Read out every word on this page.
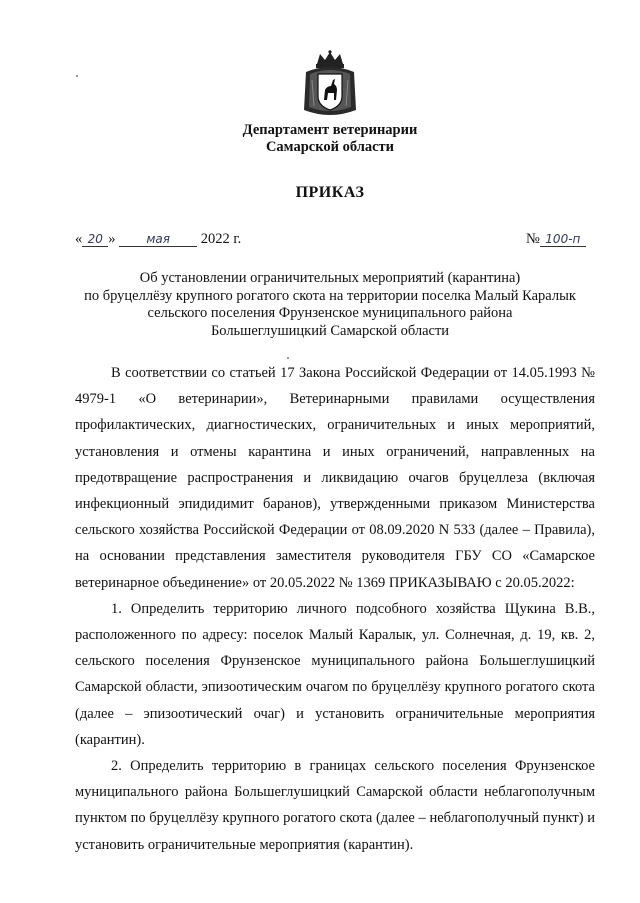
Департамент ветеринарии
Самарской области
ПРИКАЗ
« 20 »	мая 2022 г.	№ 100-п
Об установлении ограничительных мероприятий (карантина)
по бруцеллёзу крупного рогатого скота на территории поселка Малый Каралык
сельского поселения Фрунзенское муниципального района
Большеглушицкий Самарской области

В соответствии со статьей 17 Закона Российской Федерации от 14.05.1993 № 4979-1 «О ветеринарии», Ветеринарными правилами осуществления профилактических, диагностических, ограничительных и иных мероприятий, установления и отмены карантина и иных ограничений, направленных на предотвращение распространения и ликвидацию очагов бруцеллеза (включая инфекционный эпидидимит баранов), утвержденными приказом Министерства сельского хозяйства Российской Федерации от 08.09.2020 N 533 (далее – Правила), на основании представления заместителя руководителя ГБУ СО «Самарское ветеринарное объединение» от 20.05.2022 № 1369 ПРИКАЗЫВАЮ с 20.05.2022:

1. Определить территорию личного подсобного хозяйства Щукина В.В., расположенного по адресу: поселок Малый Каралык, ул. Солнечная, д. 19, кв. 2, сельского поселения Фрунзенское муниципального района Большеглушицкий Самарской области, эпизоотическим очагом по бруцеллёзу крупного рогатого скота (далее – эпизоотический очаг) и установить ограничительные мероприятия (карантин).

2. Определить территорию в границах сельского поселения Фрунзенское муниципального района Большеглушицкий Самарской области неблагополучным пунктом по бруцеллёзу крупного рогатого скота (далее – неблагополучный пункт) и установить ограничительные мероприятия (карантин).
